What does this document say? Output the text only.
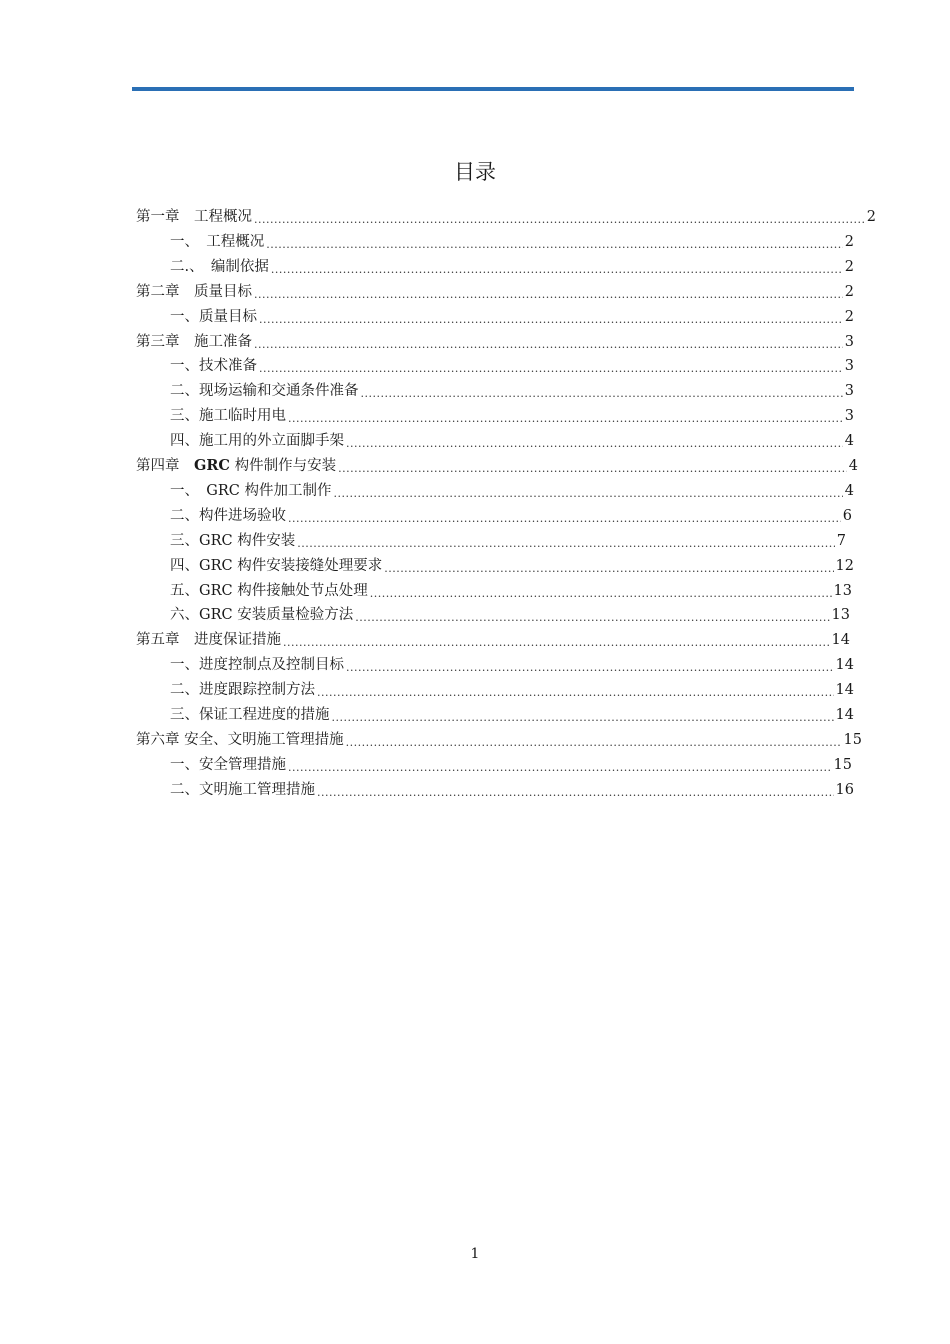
目录
第一章　工程概况 .....	2
一、　工程概况 .....	2
二.、　编制依据 .....	2
第二章　质量目标 .....	2
一、质量目标 .....	2
第三章　施工准备 .....	3
一、技术准备 .....	3
二、现场运输和交通条件准备 .....	3
三、施工临时用电 .....	3
四、施工用的外立面脚手架 .....	4
第四章　GRC 构件制作与安装 .....	4
一、　GRC 构件加工制作 .....	4
二、构件进场验收 .....	6
三、GRC 构件安装 .....	7
四、GRC 构件安装接缝处理要求 .....	12
五、GRC 构件接触处节点处理 .....	13
六、GRC 安装质量检验方法 .....	13
第五章　进度保证措施 .....	14
一、进度控制点及控制目标 .....	14
二、进度跟踪控制方法 .....	14
三、保证工程进度的措施 .....	14
第六章 安全、文明施工管理措施 .....	15
一、安全管理措施 .....	15
二、文明施工管理措施 .....	16
1
